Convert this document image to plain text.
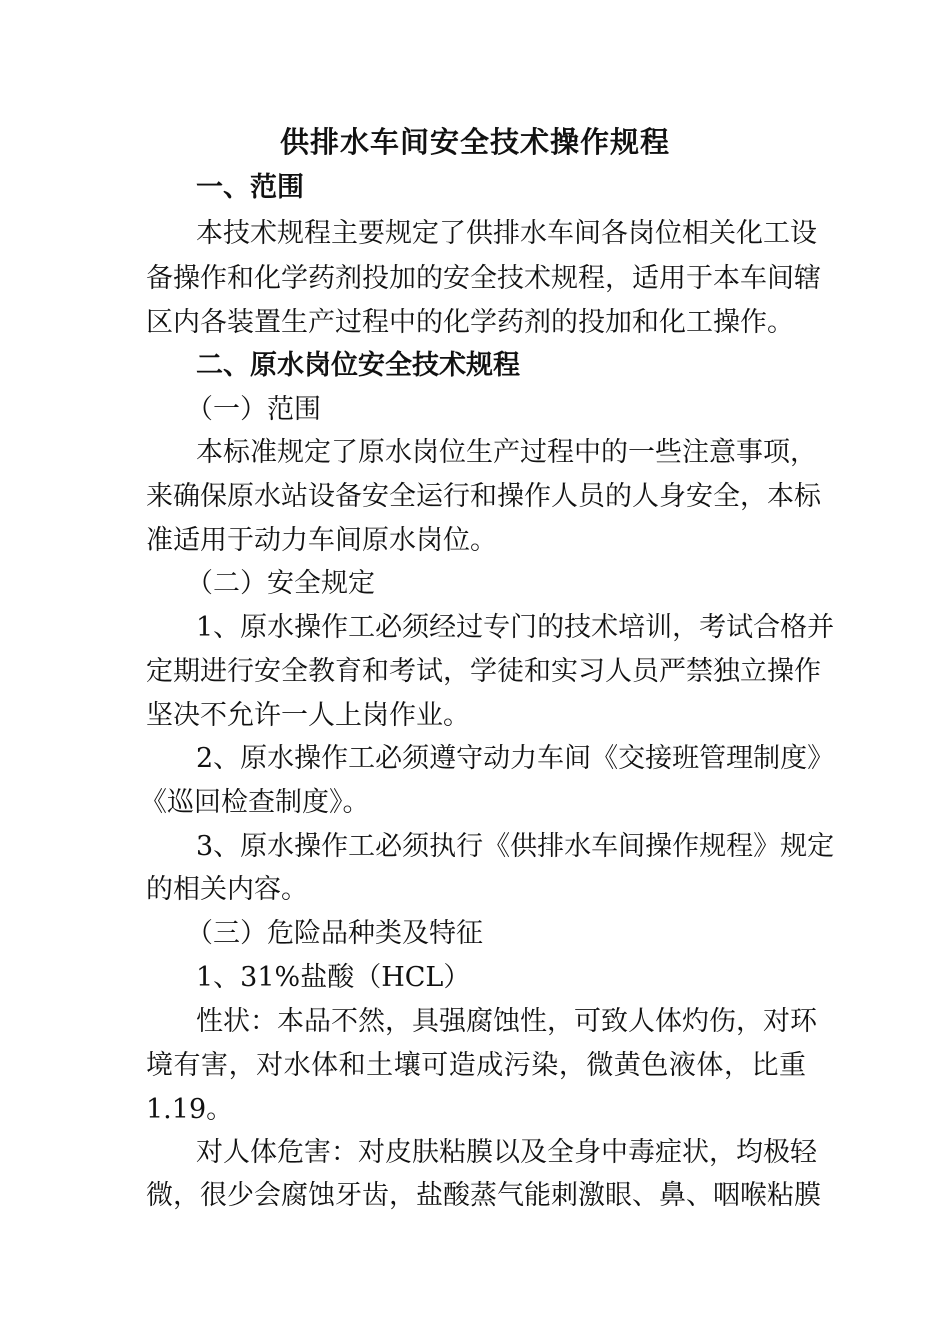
供排水车间安全技术操作规程
一、范围
本技术规程主要规定了供排水车间各岗位相关化工设
备操作和化学药剂投加的安全技术规程，适用于本车间辖
区内各装置生产过程中的化学药剂的投加和化工操作。
二、原水岗位安全技术规程
（一）范围
本标准规定了原水岗位生产过程中的一些注意事项，
来确保原水站设备安全运行和操作人员的人身安全，本标
准适用于动力车间原水岗位。
（二）安全规定
1、原水操作工必须经过专门的技术培训，考试合格并
定期进行安全教育和考试，学徒和实习人员严禁独立操作
坚决不允许一人上岗作业。
2、原水操作工必须遵守动力车间《交接班管理制度》
《巡回检查制度》。
3、原水操作工必须执行《供排水车间操作规程》规定
的相关内容。
（三）危险品种类及特征
1、31%盐酸（HCL）
性状：本品不然，具强腐蚀性，可致人体灼伤，对环
境有害，对水体和土壤可造成污染，微黄色液体，比重
1.19。
对人体危害：对皮肤粘膜以及全身中毒症状，均极轻
微，很少会腐蚀牙齿，盐酸蒸气能刺激眼、鼻、咽喉粘膜
